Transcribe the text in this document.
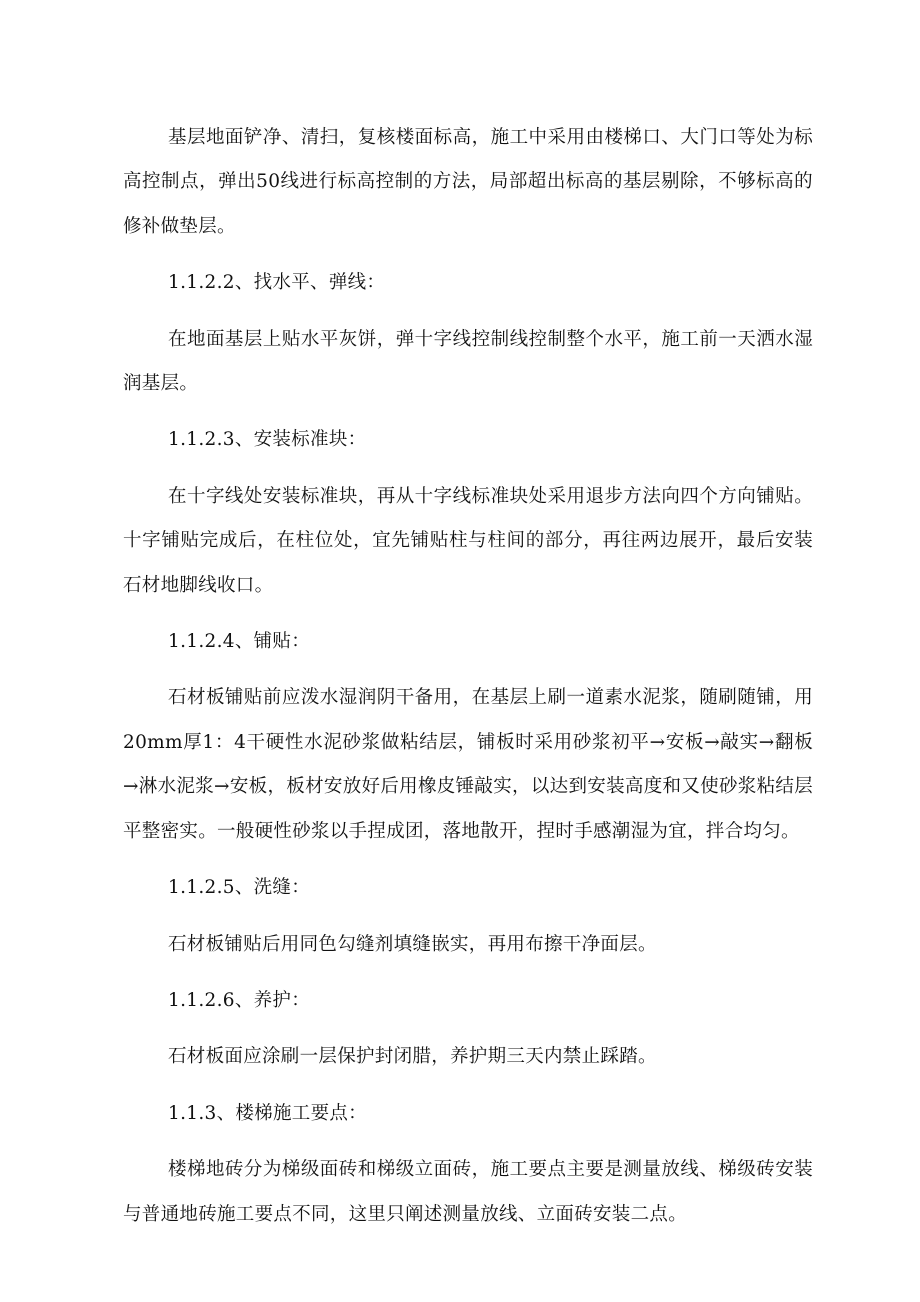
基层地面铲净、清扫，复核楼面标高，施工中采用由楼梯口、大门口等处为标高控制点，弹出50线进行标高控制的方法，局部超出标高的基层剔除，不够标高的修补做垫层。

1.1.2.2、找水平、弹线：

在地面基层上贴水平灰饼，弹十字线控制线控制整个水平，施工前一天洒水湿润基层。

1.1.2.3、安装标准块：

在十字线处安装标准块，再从十字线标准块处采用退步方法向四个方向铺贴。十字铺贴完成后，在柱位处，宜先铺贴柱与柱间的部分，再往两边展开，最后安装石材地脚线收口。

1.1.2.4、铺贴：

石材板铺贴前应泼水湿润阴干备用，在基层上刷一道素水泥浆，随刷随铺，用20mm厚1：4干硬性水泥砂浆做粘结层，铺板时采用砂浆初平→安板→敲实→翻板→淋水泥浆→安板，板材安放好后用橡皮锤敲实，以达到安装高度和又使砂浆粘结层平整密实。一般硬性砂浆以手捏成团，落地散开，捏时手感潮湿为宜，拌合均匀。

1.1.2.5、洗缝：

石材板铺贴后用同色勾缝剂填缝嵌实，再用布擦干净面层。

1.1.2.6、养护：

石材板面应涂刷一层保护封闭腊，养护期三天内禁止踩踏。

1.1.3、楼梯施工要点：

楼梯地砖分为梯级面砖和梯级立面砖，施工要点主要是测量放线、梯级砖安装与普通地砖施工要点不同，这里只阐述测量放线、立面砖安装二点。
